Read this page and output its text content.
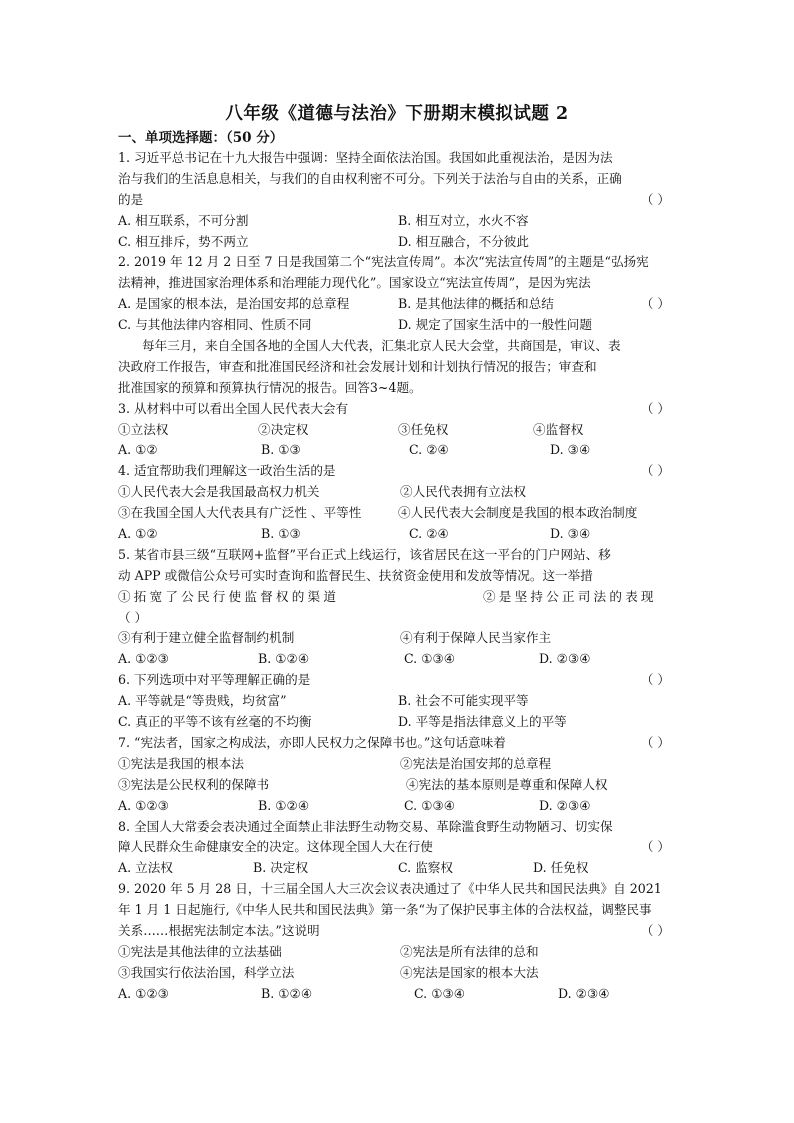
八年级《道德与法治》下册期末模拟试题 2
一、单项选择题：（50 分）
1. 习近平总书记在十九大报告中强调：坚持全面依法治国。我国如此重视法治，是因为法
治与我们的生活息息相关，与我们的自由权利密不可分。下列关于法治与自由的关系，正确
的是	（ ）
A. 相互联系，不可分割	B. 相互对立，水火不容
C. 相互排斥，势不两立	D. 相互融合，不分彼此
2. 2019 年 12 月 2 日至 7 日是我国第二个“宪法宣传周”。本次“宪法宣传周”的主题是“弘扬宪
法精神，推进国家治理体系和治理能力现代化”。国家设立“宪法宣传周”，是因为宪法
A. 是国家的根本法，是治国安邦的总章程	B. 是其他法律的概括和总结	（ ）
C. 与其他法律内容相同、性质不同	D. 规定了国家生活中的一般性问题
每年三月，来自全国各地的全国人大代表，汇集北京人民大会堂，共商国是，审议、表
决政府工作报告，审查和批准国民经济和社会发展计划和计划执行情况的报告；审查和
批准国家的预算和预算执行情况的报告。回答3~4题。
3. 从材料中可以看出全国人民代表大会有	（ ）
①立法权	②决定权	③任免权	④监督权
A. ①②	B. ①③	C. ②④	D. ③④
4. 适宜帮助我们理解这一政治生活的是	（ ）
①人民代表大会是我国最高权力机关	②人民代表拥有立法权
③在我国全国人大代表具有广泛性 、平等性	④人民代表大会制度是我国的根本政治制度
A. ①②	B. ①③	C. ②④	D. ③④
5. 某省市县三级“互联网+监督”平台正式上线运行，该省居民在这一平台的门户网站、移
动 APP 或微信公众号可实时查询和监督民生、扶贫资金使用和发放等情况。这一举措
①拓宽了公民行使监督权的渠道	②是坚持公正司法的表现
（ ）
③有利于建立健全监督制约机制	④有利于保障人民当家作主
A. ①②③	B. ①②④	C. ①③④	D. ②③④
6. 下列选项中对平等理解正确的是	（ ）
A. 平等就是“等贵贱，均贫富”	B. 社会不可能实现平等
C. 真正的平等不该有丝毫的不均衡	D. 平等是指法律意义上的平等
7. “宪法者，国家之构成法，亦即人民权力之保障书也。”这句话意味着	（ ）
①宪法是我国的根本法	②宪法是治国安邦的总章程
③宪法是公民权利的保障书	④宪法的基本原则是尊重和保障人权
A. ①②③	B. ①②④	C. ①③④	D. ②③④
8. 全国人大常委会表决通过全面禁止非法野生动物交易、革除滥食野生动物陋习、切实保
障人民群众生命健康安全的决定。这体现全国人大在行使	（ ）
A. 立法权	B. 决定权	C. 监察权	D. 任免权
9. 2020 年 5 月 28 日，十三届全国人大三次会议表决通过了《中华人民共和国民法典》自 2021
年 1 月 1 日起施行,《中华人民共和国民法典》第一条“为了保护民事主体的合法权益，调整民事
关系……根据宪法制定本法。”这说明	（ ）
①宪法是其他法律的立法基础	②宪法是所有法律的总和
③我国实行依法治国，科学立法	④宪法是国家的根本大法
A. ①②③	B. ①②④	C. ①③④	D. ②③④
